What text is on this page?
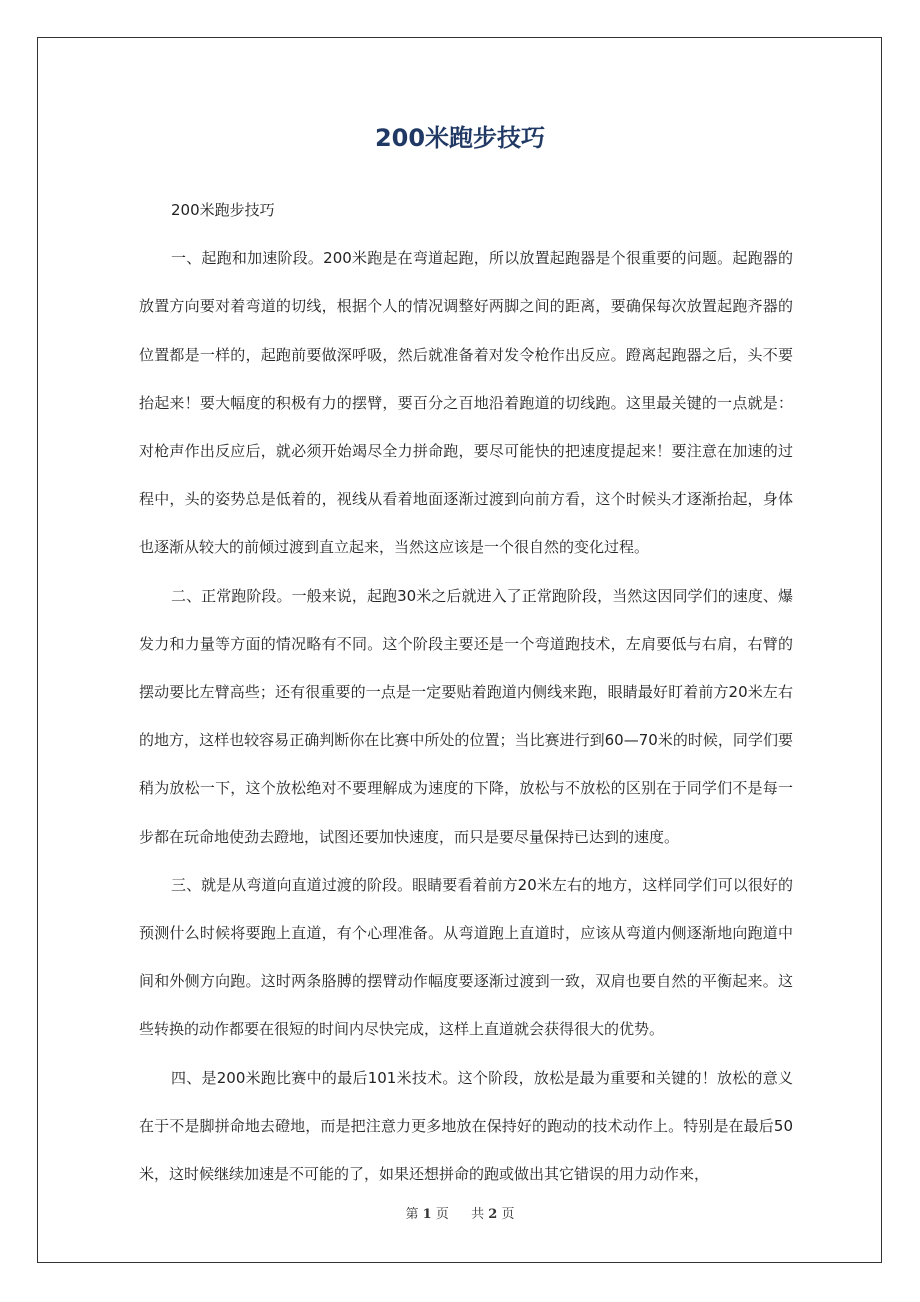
200米跑步技巧

200米跑步技巧

一、起跑和加速阶段。200米跑是在弯道起跑，所以放置起跑器是个很重要的问题。起跑器的放置方向要对着弯道的切线，根据个人的情况调整好两脚之间的距离，要确保每次放置起跑齐器的位置都是一样的，起跑前要做深呼吸，然后就准备着对发令枪作出反应。蹬离起跑器之后，头不要抬起来！要大幅度的积极有力的摆臂，要百分之百地沿着跑道的切线跑。这里最关键的一点就是：对枪声作出反应后，就必须开始竭尽全力拼命跑，要尽可能快的把速度提起来！要注意在加速的过程中，头的姿势总是低着的，视线从看着地面逐渐过渡到向前方看，这个时候头才逐渐抬起，身体也逐渐从较大的前倾过渡到直立起来，当然这应该是一个很自然的变化过程。

二、正常跑阶段。一般来说，起跑30米之后就进入了正常跑阶段，当然这因同学们的速度、爆发力和力量等方面的情况略有不同。这个阶段主要还是一个弯道跑技术，左肩要低与右肩，右臂的摆动要比左臂高些；还有很重要的一点是一定要贴着跑道内侧线来跑，眼睛最好盯着前方20米左右的地方，这样也较容易正确判断你在比赛中所处的位置；当比赛进行到60—70米的时候，同学们要稍为放松一下，这个放松绝对不要理解成为速度的下降，放松与不放松的区别在于同学们不是每一步都在玩命地使劲去蹬地，试图还要加快速度，而只是要尽量保持已达到的速度。

三、就是从弯道向直道过渡的阶段。眼睛要看着前方20米左右的地方，这样同学们可以很好的预测什么时候将要跑上直道，有个心理准备。从弯道跑上直道时，应该从弯道内侧逐渐地向跑道中间和外侧方向跑。这时两条胳膊的摆臂动作幅度要逐渐过渡到一致，双肩也要自然的平衡起来。这些转换的动作都要在很短的时间内尽快完成，这样上直道就会获得很大的优势。

四、是200米跑比赛中的最后101米技术。这个阶段，放松是最为重要和关键的！放松的意义在于不是脚拼命地去磴地，而是把注意力更多地放在保持好的跑动的技术动作上。特别是在最后50米，这时候继续加速是不可能的了，如果还想拼命的跑或做出其它错误的用力动作来，

第 1 页 共 2 页
